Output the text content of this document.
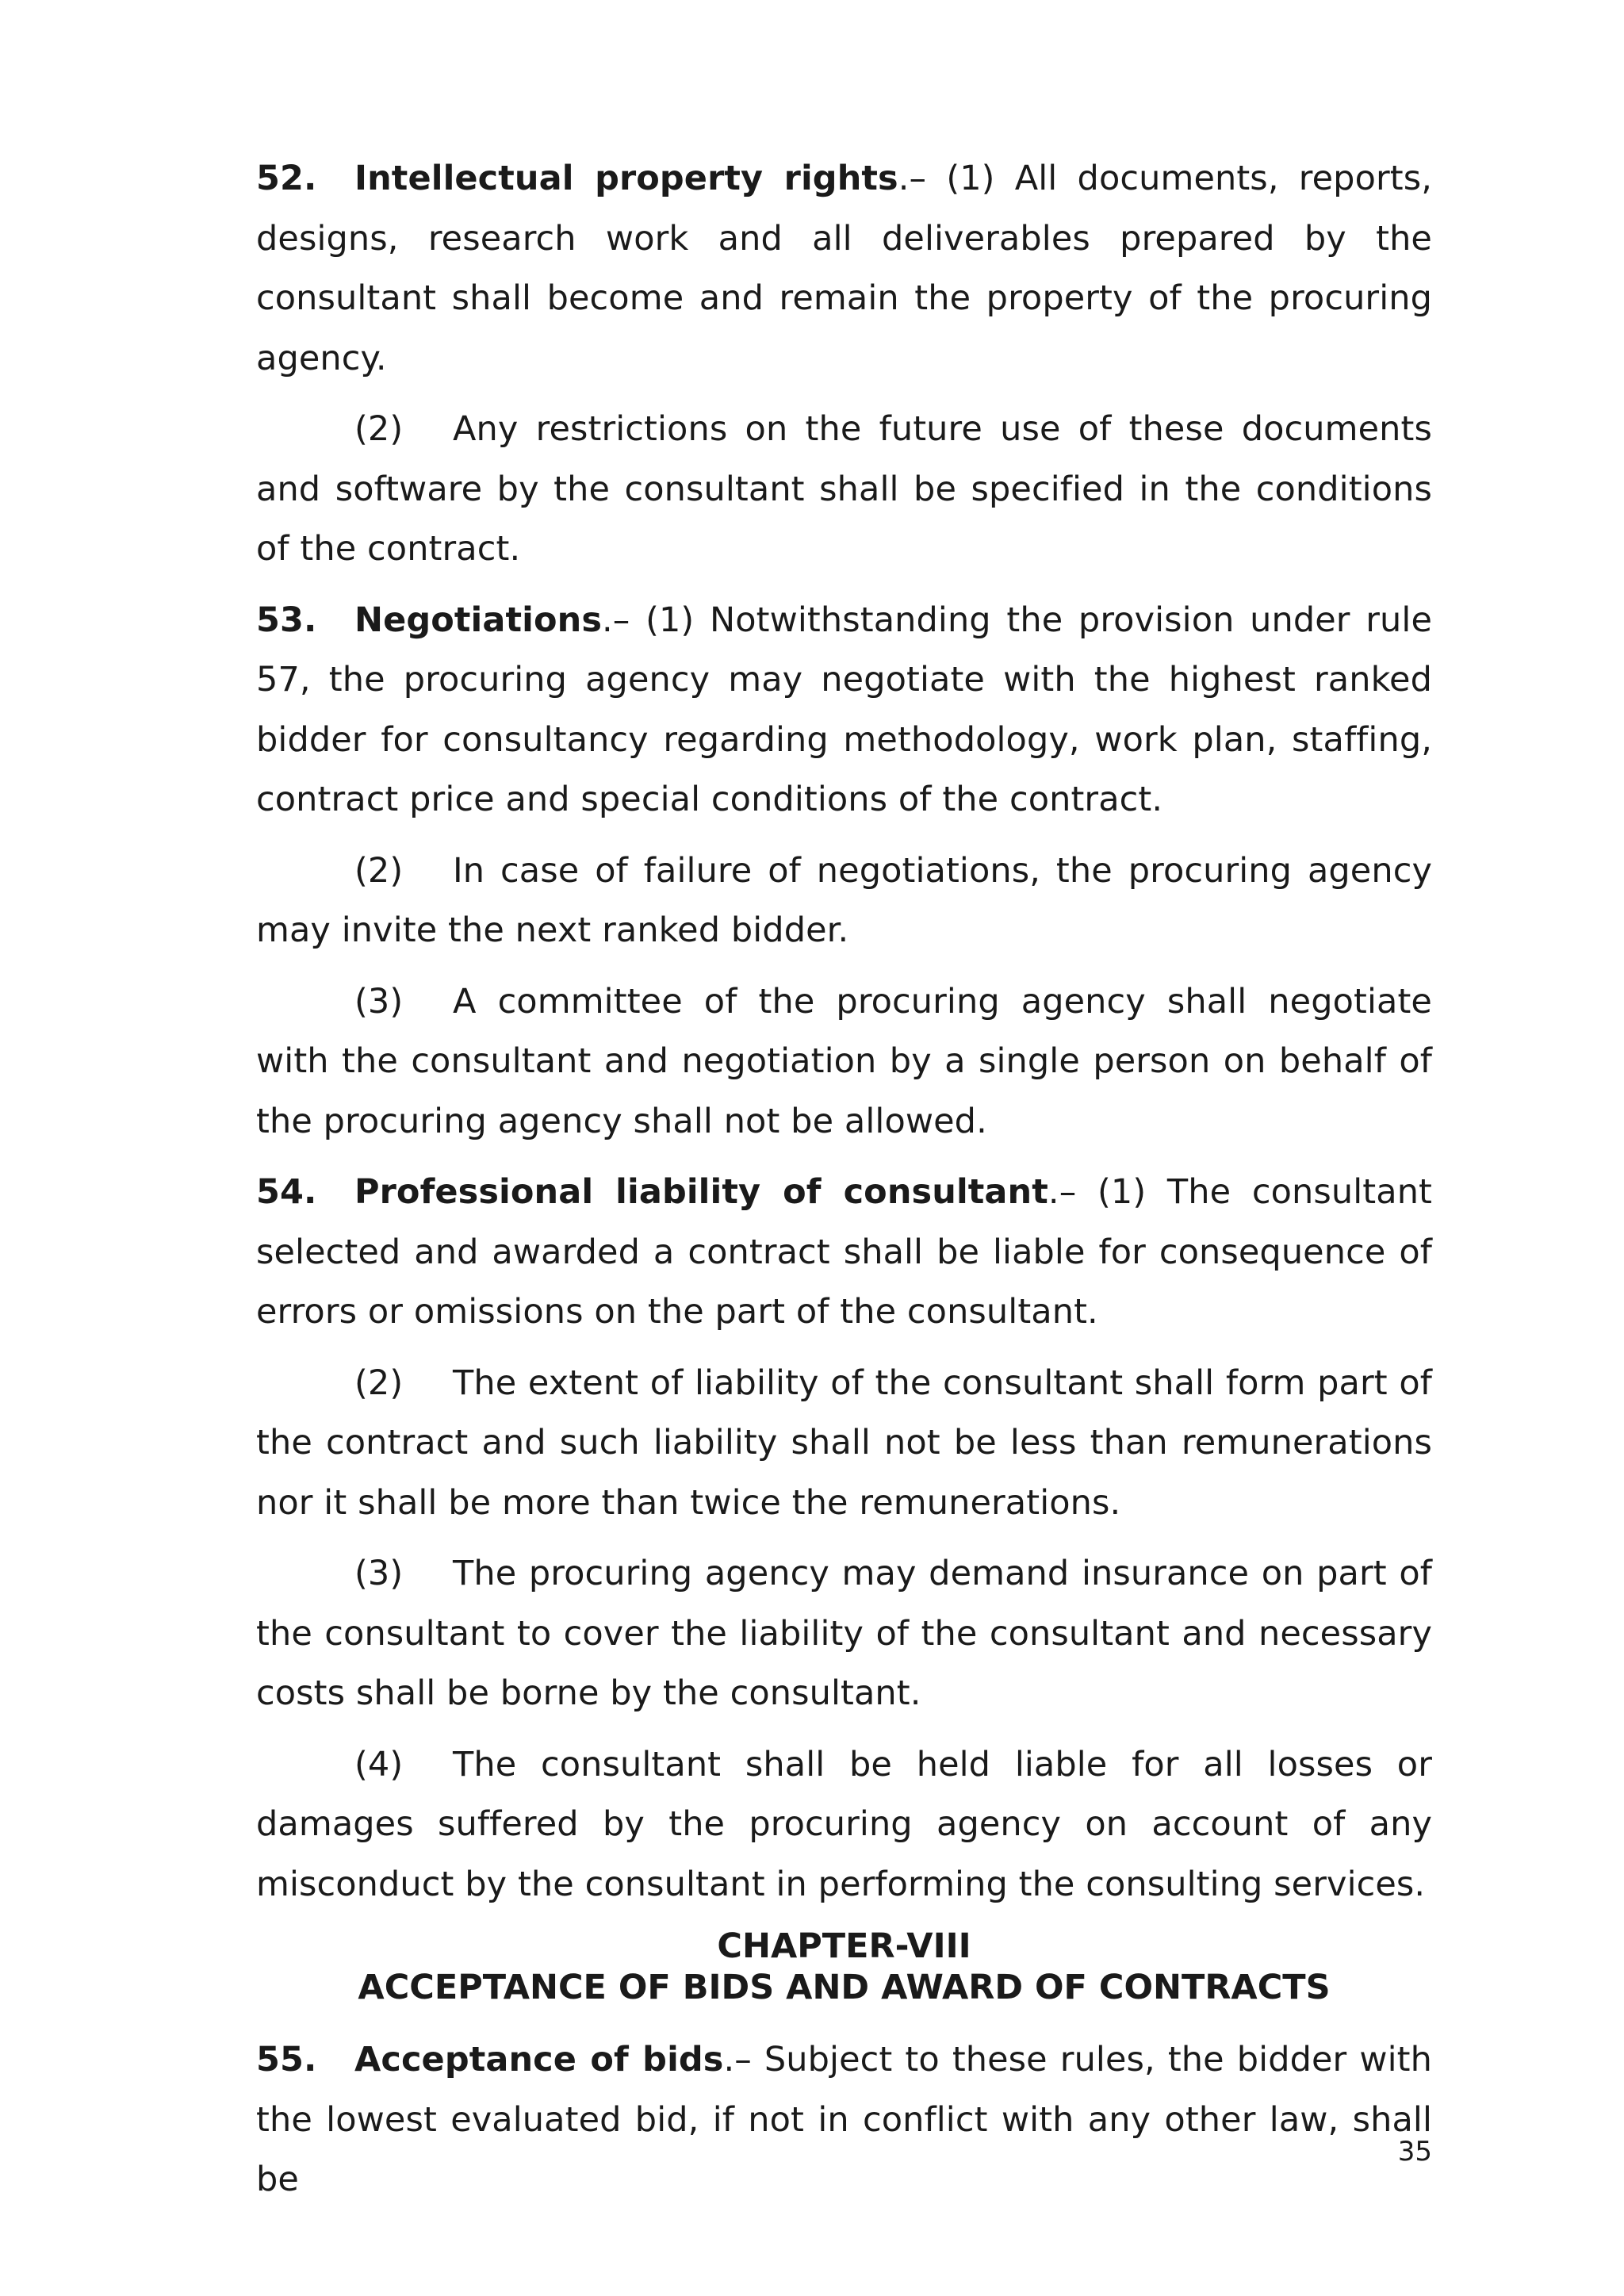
52. Intellectual property rights.– (1) All documents, reports, designs, research work and all deliverables prepared by the consultant shall become and remain the property of the procuring agency.

(2) Any restrictions on the future use of these documents and software by the consultant shall be specified in the conditions of the contract.

53. Negotiations.– (1) Notwithstanding the provision under rule 57, the procuring agency may negotiate with the highest ranked bidder for consultancy regarding methodology, work plan, staffing, contract price and special conditions of the contract.

(2) In case of failure of negotiations, the procuring agency may invite the next ranked bidder.

(3) A committee of the procuring agency shall negotiate with the consultant and negotiation by a single person on behalf of the procuring agency shall not be allowed.

54. Professional liability of consultant.– (1) The consultant selected and awarded a contract shall be liable for consequence of errors or omissions on the part of the consultant.

(2) The extent of liability of the consultant shall form part of the contract and such liability shall not be less than remunerations nor it shall be more than twice the remunerations.

(3) The procuring agency may demand insurance on part of the consultant to cover the liability of the consultant and necessary costs shall be borne by the consultant.

(4) The consultant shall be held liable for all losses or damages suffered by the procuring agency on account of any misconduct by the consultant in performing the consulting services.

CHAPTER-VIII
ACCEPTANCE OF BIDS AND AWARD OF CONTRACTS

55. Acceptance of bids.– Subject to these rules, the bidder with the lowest evaluated bid, if not in conflict with any other law, shall be

35
